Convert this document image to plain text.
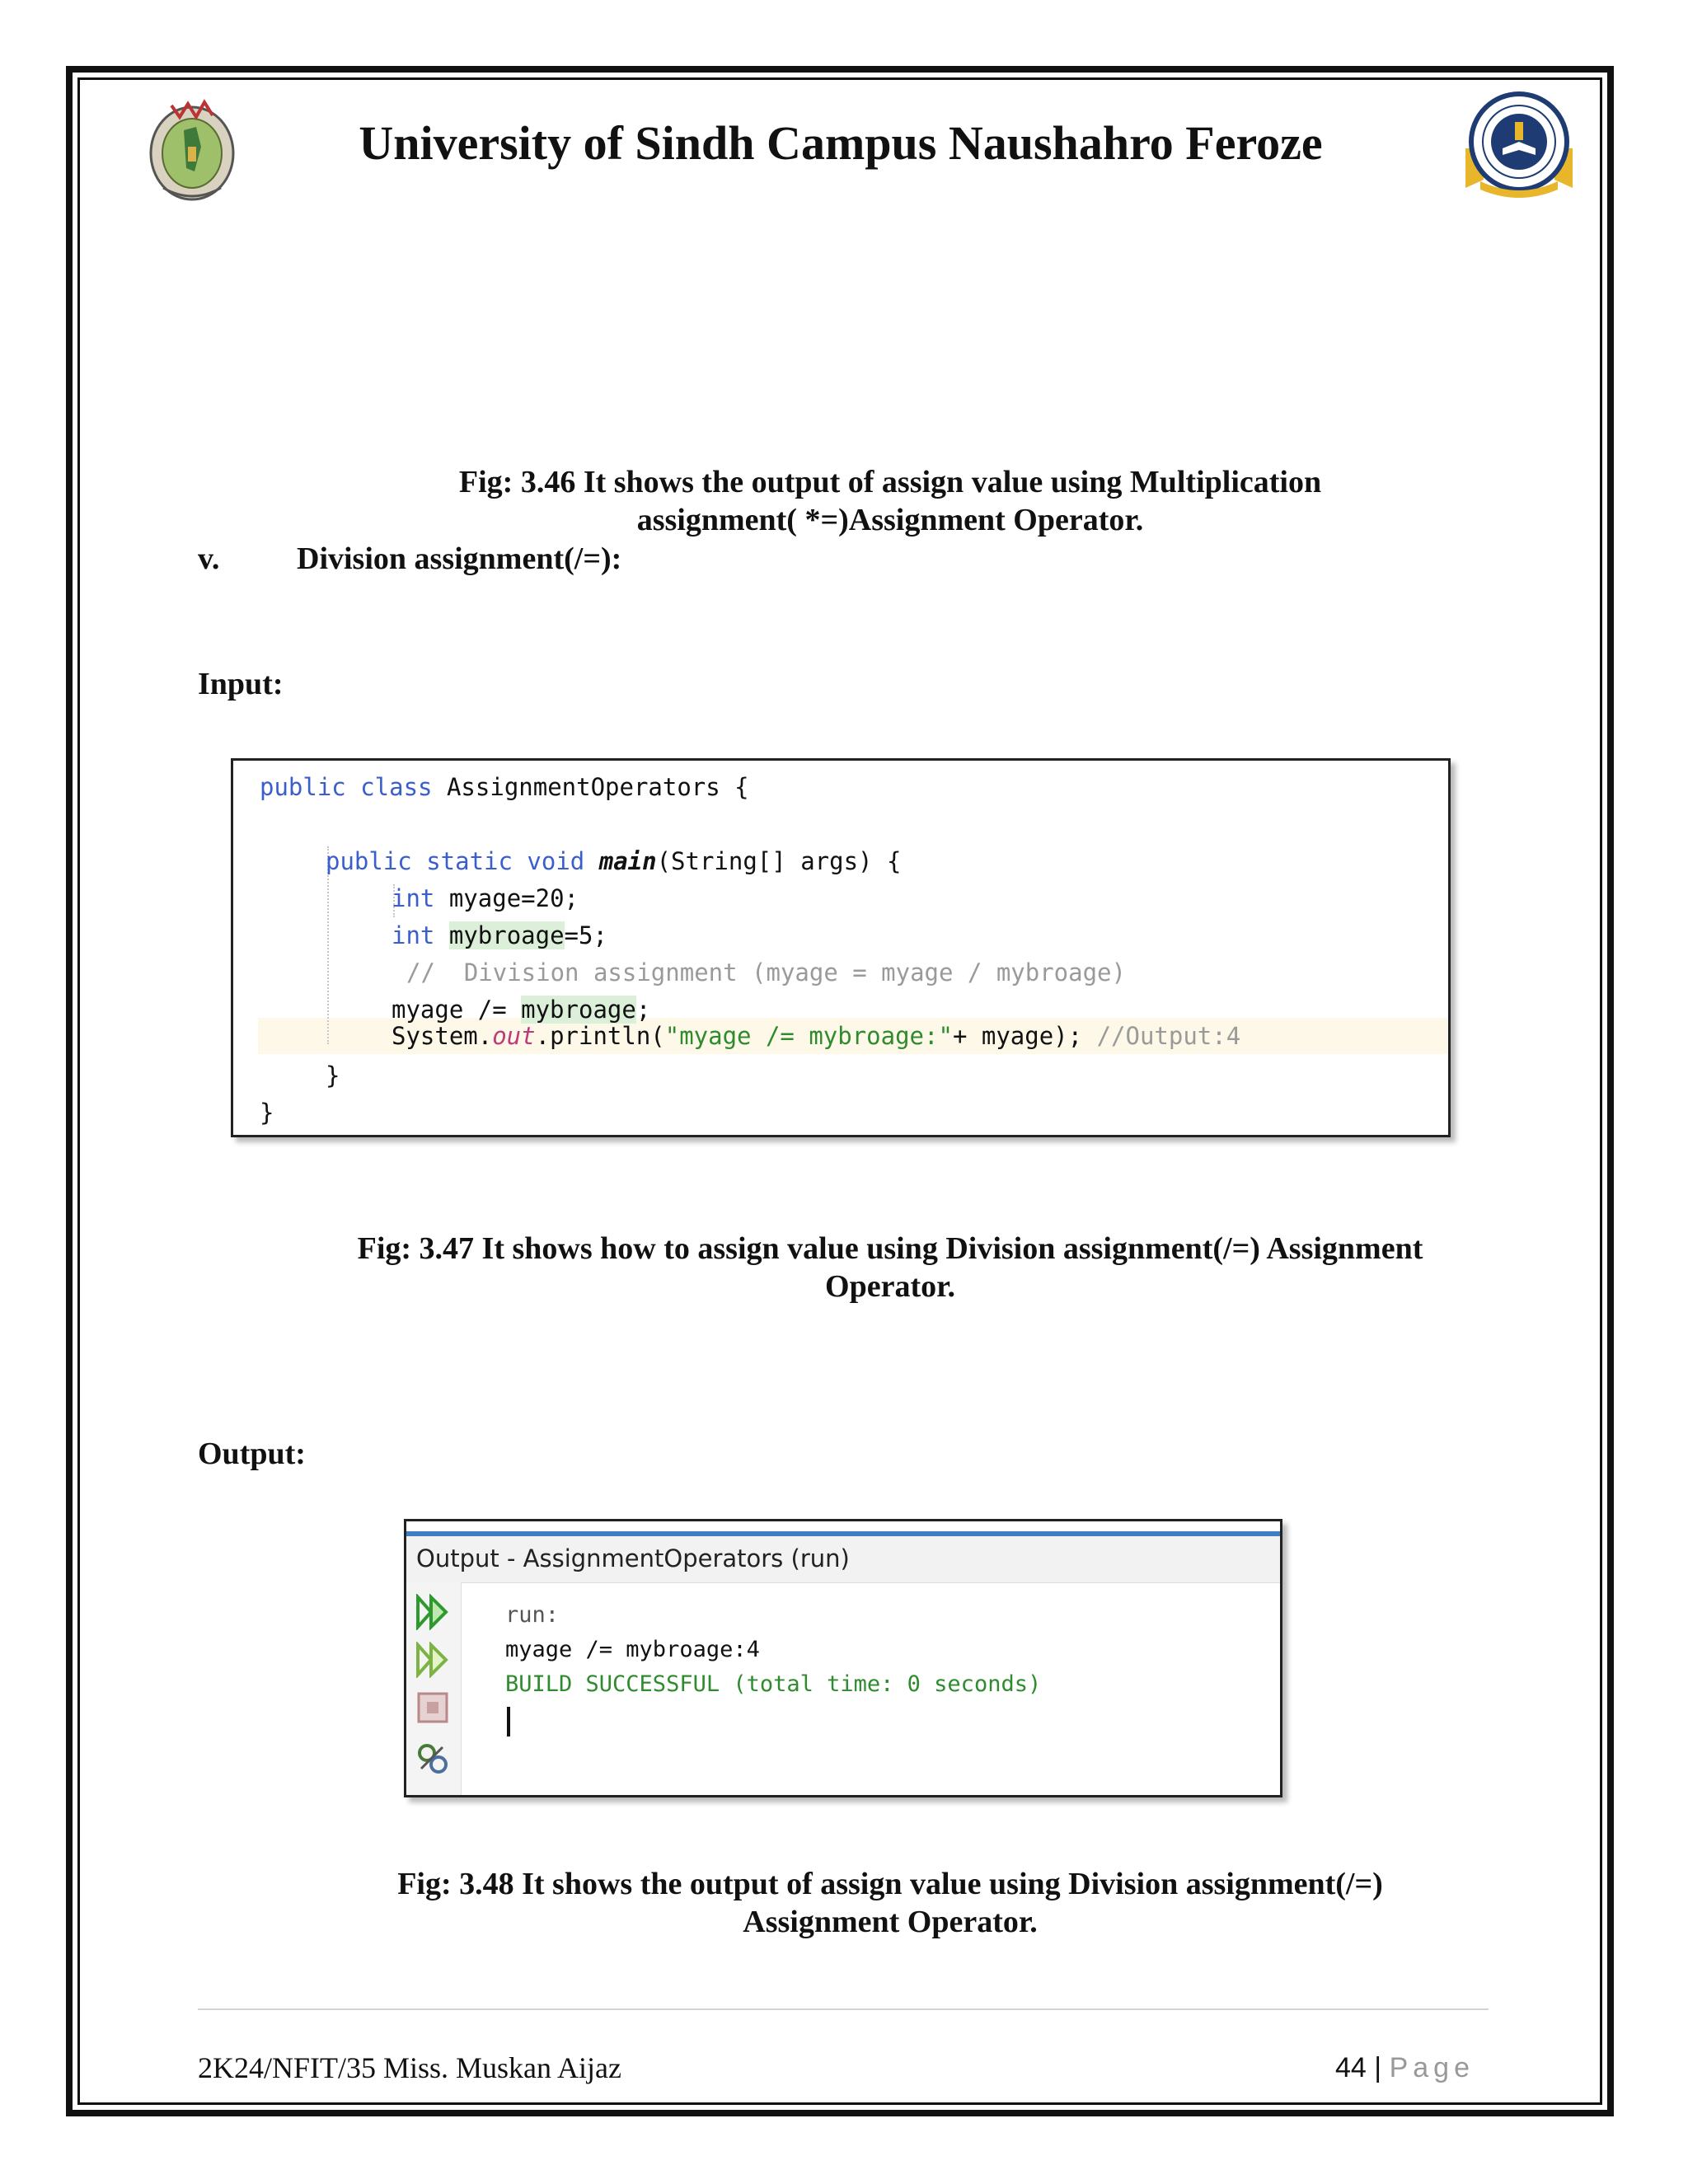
University of Sindh Campus Naushahro Feroze
Fig: 3.46 It shows the output of assign value using Multiplication
assignment( *=)Assignment Operator.
v. Division assignment(/=):
Input:
public class AssignmentOperators {
public static void main(String[] args) {
int myage=20;
int mybroage=5;
//  Division assignment (myage = myage / mybroage)
myage /= mybroage;
System.out.println("myage /= mybroage:"+ myage); //Output:4
}
}
Fig: 3.47 It shows how to assign value using Division assignment(/=) Assignment
Operator.
Output:
Output - AssignmentOperators (run)
run:
myage /= mybroage:4
BUILD SUCCESSFUL (total time: 0 seconds)
Fig: 3.48 It shows the output of assign value using Division assignment(/=)
Assignment Operator.
2K24/NFIT/35 Miss. Muskan Aijaz	44 | Page
